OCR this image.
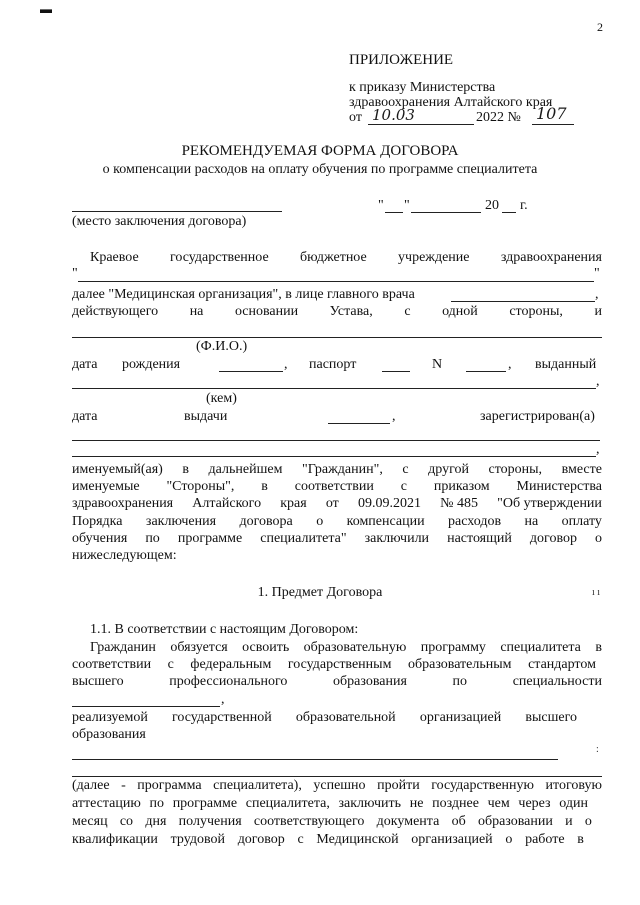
▬
2
ПРИЛОЖЕНИЕ
к приказу Министерства
здравоохранения Алтайского края
от 10.03	2022 № 107
РЕКОМЕНДУЕМАЯ ФОРМА ДОГОВОРА
о компенсации расходов на оплату обучения по программе специалитета
(место заключения договора)
" "	20 г.
Краевое государственное бюджетное учреждение здравоохранения
"	"
далее "Медицинская организация", в лице главного врача	,
действующего на основании Устава, с одной стороны, и
(Ф.И.О.)
дата рождения	, паспорт	N	, выданный
,
(кем)
дата	выдачи	,	зарегистрирован(а)
,
именуемый(ая) в дальнейшем "Гражданин", с другой стороны, вместе
именуемые "Стороны", в соответствии с приказом Министерства
здравоохранения Алтайского края от 09.09.2021 № 485 "Об утверждении
Порядка заключения договора о компенсации расходов на оплату
обучения по программе специалитета" заключили настоящий договор о
нижеследующем:
1. Предмет Договора	ı ı
1.1. В соответствии с настоящим Договором:
Гражданин обязуется освоить образовательную программу специалитета в
соответствии с федеральным государственным образовательным стандартом
высшего	профессионального	образования	по	специальности
,
реализуемой государственной образовательной организацией высшего
образования
:
(далее - программа специалитета), успешно пройти государственную итоговую
аттестацию по программе специалитета, заключить не позднее чем через один
месяц со дня получения соответствующего документа об образовании и о
квалификации трудовой договор с Медицинской организацией о работе в
